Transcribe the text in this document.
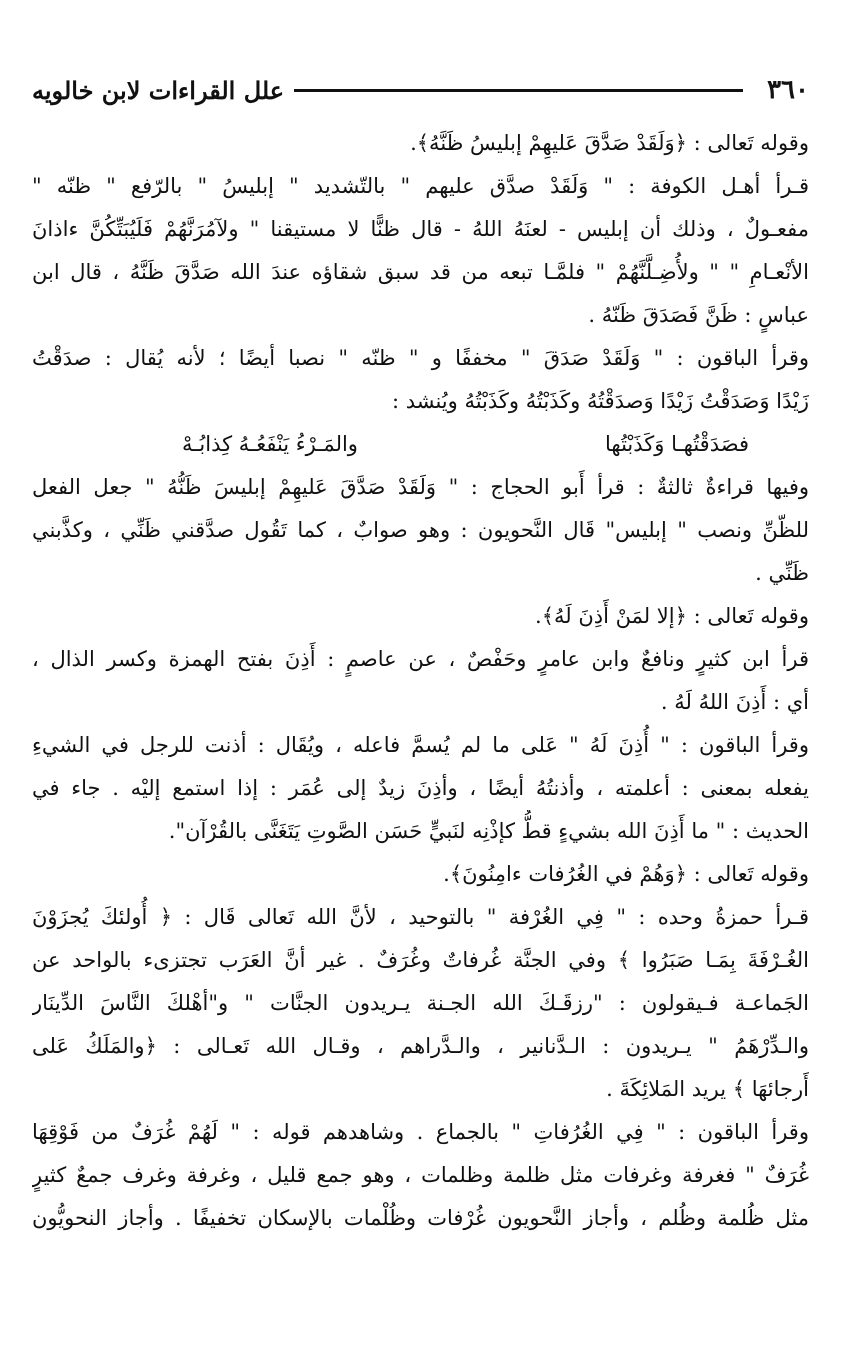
٣٦٠
علل القراءات لابن خالويه
وقوله تَعالى : ﴿وَلَقَدْ صَدَّقَ عَليهِمْ إبليسُ ظَنَّهُ﴾.
قـرأ أهـل الكوفة : " وَلَقَدْ صدَّق عليهم " بالتّشديد " إبليسُ " بالرّفع " ظنّه "
مفعـولٌ ، وذلك أن إبليس - لعنَهُ اللهُ - قال ظنًّا لا مستيقنا " ولآمُرَنَّهُمْ فَلَيُبَتِّكُنَّ ءاذانَ
الأنْعـامِ " " ولأُضِـلَّنَّهُمْ " فلمَّـا تبعه من قد سبق شقاؤه عندَ الله صَدَّقَ ظَنَّهُ ، قال ابن
عباسٍ : ظَنَّ فَصَدَقَ ظَنّهُ .
وقرأ الباقون : " وَلَقَدْ صَدَقَ " مخففًا و " ظنّه " نصبا أيضًا ؛ لأنه يُقال : صدَقْتُ
زَيْدًا وَصَدَقْتُ زَيْدًا وَصدَقْتُهُ وكَذَبْتُهُ وكَذَبْتُهُ ويُنشد :
فصَدَقْتُهـا وَكَذَبْتُها
والمَـرْءُ يَنْفَعُـهُ كِذابُـهْ
وفيها قراءةٌ ثالثةٌ : قرأ أَبو الحجاج : " وَلَقَدْ صَدَّقَ عَليهِمْ إبليسَ ظَنُّهُ " جعل الفعل
للظّنِّ ونصب " إبليس" قَال النَّحويون : وهو صوابٌ ، كما تَقُول صدَّقني ظَنِّي ، وكذَّبني
ظَنِّي .
وقوله تَعالى : ﴿إلا لمَنْ أَذِنَ لَهُ﴾.
قرأ ابن كثيرٍ ونافعٌ وابن عامرٍ وحَفْصٌ ، عن عاصمٍ : أَذِنَ بفتح الهمزة وكسر الذال ،
أي : أَذِنَ اللهُ لَهُ .
وقرأ الباقون : " أُذِنَ لَهُ " عَلى ما لم يُسمَّ فاعله ، ويُقَال : أذنت للرجل في الشيءِ
يفعله بمعنى : أعلمته ، وأذنتُهُ أيضًا ، وأذِنَ زيدٌ إلى عُمَر : إذا استمع إليْه . جاء في
الحديث : " ما أَذِنَ الله بشيءٍ قطُّ كإذْنِه لنَبيٍّ حَسَن الصَّوتِ يَتَغَنَّى بالقُرْآن".
وقوله تَعالى : ﴿وَهُمْ في الغُرُفات ءامِنُونَ﴾.
قـرأ حمزةُ وحده : " فِي الغُرْفة " بالتوحيد ، لأنَّ الله تَعالى قَال : ﴿ أُولئكَ يُجزَوْنَ
الغُـرْفَةَ بِمَـا صَبَرُوا ﴾ وفي الجنَّة غُرفاتٌ وغُرَفٌ . غير أنَّ العَرَب تجتزىء بالواحد عن
الجَماعـة فـيقولون : "رزقَـكَ الله الجـنة يـريدون الجنَّات " و"أهْلكَ النَّاسَ الدِّينَار
والـدِّرْهَمُ " يـريدون : الـدَّنانير ، والـدَّراهم ، وقـال الله تَعـالى : ﴿والمَلَكُ عَلى
أَرجائهَا ﴾ يريد المَلائِكَةَ .
وقرأ الباقون : " فِي الغُرُفاتِ " بالجماع . وشاهدهم قوله : " لَهُمْ غُرَفٌ من فَوْقِهَا
غُرَفٌ " فغرفة وغرفات مثل ظلمة وظلمات ، وهو جمع قليل ، وغرفة وغرف جمعٌ كثيرٍ
مثل ظُلمة وظُلم ، وأجاز النَّحويون غُرْفات وظُلْمات بالإسكان تخفيفًا . وأجاز النحويُّون
